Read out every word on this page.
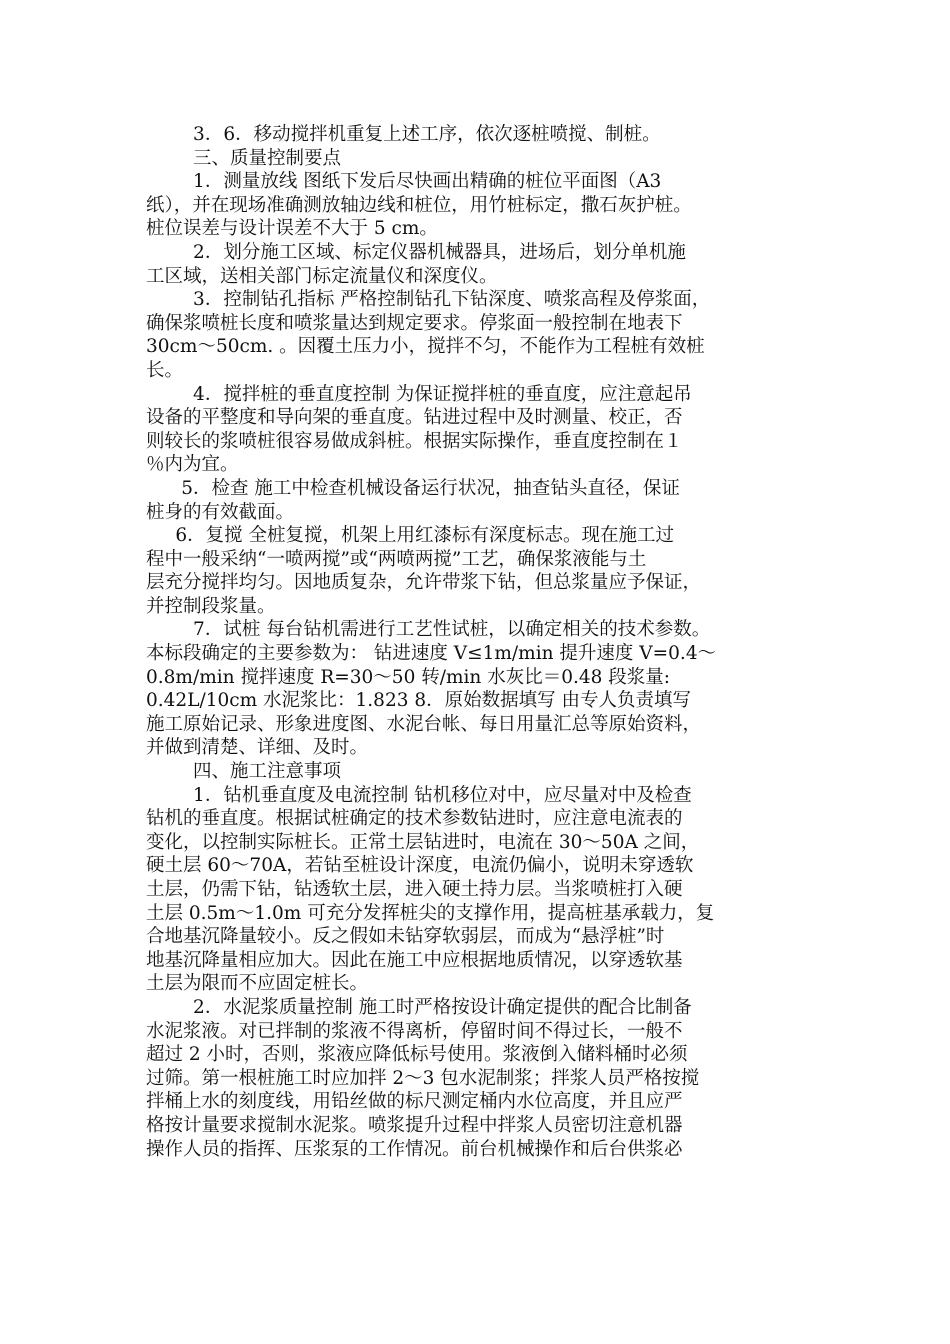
3．6．移动搅拌机重复上述工序，依次逐桩喷搅、制桩。
三、质量控制要点
1．测量放线 图纸下发后尽快画出精确的桩位平面图（A3
纸），并在现场准确测放轴边线和桩位，用竹桩标定，撒石灰护桩。
桩位误差与设计误差不大于 5 cm。
2．划分施工区域、标定仪器机械器具，进场后，划分单机施
工区域，送相关部门标定流量仪和深度仪。
3．控制钻孔指标 严格控制钻孔下钻深度、喷浆高程及停浆面，
确保浆喷桩长度和喷浆量达到规定要求。停浆面一般控制在地表下
30cm～50cm. 。因覆土压力小，搅拌不匀，不能作为工程桩有效桩
长。
4．搅拌桩的垂直度控制 为保证搅拌桩的垂直度，应注意起吊
设备的平整度和导向架的垂直度。钻进过程中及时测量、校正，否
则较长的浆喷桩很容易做成斜桩。根据实际操作，垂直度控制在１
％内为宜。
5．检查 施工中检查机械设备运行状况，抽查钻头直径，保证
桩身的有效截面。
6．复搅 全桩复搅，机架上用红漆标有深度标志。现在施工过
程中一般采纳“一喷两搅”或“两喷两搅”工艺，确保浆液能与土
层充分搅拌均匀。因地质复杂，允许带浆下钻，但总浆量应予保证，
并控制段浆量。
7．试桩 每台钻机需进行工艺性试桩，以确定相关的技术参数。
本标段确定的主要参数为： 钻进速度 V≤1m/min 提升速度 V=0.4～
0.8m/min 搅拌速度 R=30～50 转/min 水灰比＝0.48 段浆量:
0.42L/10cm 水泥浆比：1.823 8．原始数据填写 由专人负责填写
施工原始记录、形象进度图、水泥台帐、每日用量汇总等原始资料，
并做到清楚、详细、及时。
四、施工注意事项
1．钻机垂直度及电流控制 钻机移位对中，应尽量对中及检查
钻机的垂直度。根据试桩确定的技术参数钻进时，应注意电流表的
变化，以控制实际桩长。正常土层钻进时，电流在 30～50A 之间，
硬土层 60～70A，若钻至桩设计深度，电流仍偏小，说明未穿透软
土层，仍需下钻，钻透软土层，进入硬土持力层。当浆喷桩打入硬
土层 0.5m～1.0m 可充分发挥桩尖的支撑作用，提高桩基承载力，复
合地基沉降量较小。反之假如未钻穿软弱层，而成为“悬浮桩”时
地基沉降量相应加大。因此在施工中应根据地质情况，以穿透软基
土层为限而不应固定桩长。
2．水泥浆质量控制 施工时严格按设计确定提供的配合比制备
水泥浆液。对已拌制的浆液不得离析，停留时间不得过长，一般不
超过 2 小时，否则，浆液应降低标号使用。浆液倒入储料桶时必须
过筛。第一根桩施工时应加拌 2～3 包水泥制浆；拌浆人员严格按搅
拌桶上水的刻度线，用铅丝做的标尺测定桶内水位高度，并且应严
格按计量要求搅制水泥浆。喷浆提升过程中拌浆人员密切注意机器
操作人员的指挥、压浆泵的工作情况。前台机械操作和后台供浆必
